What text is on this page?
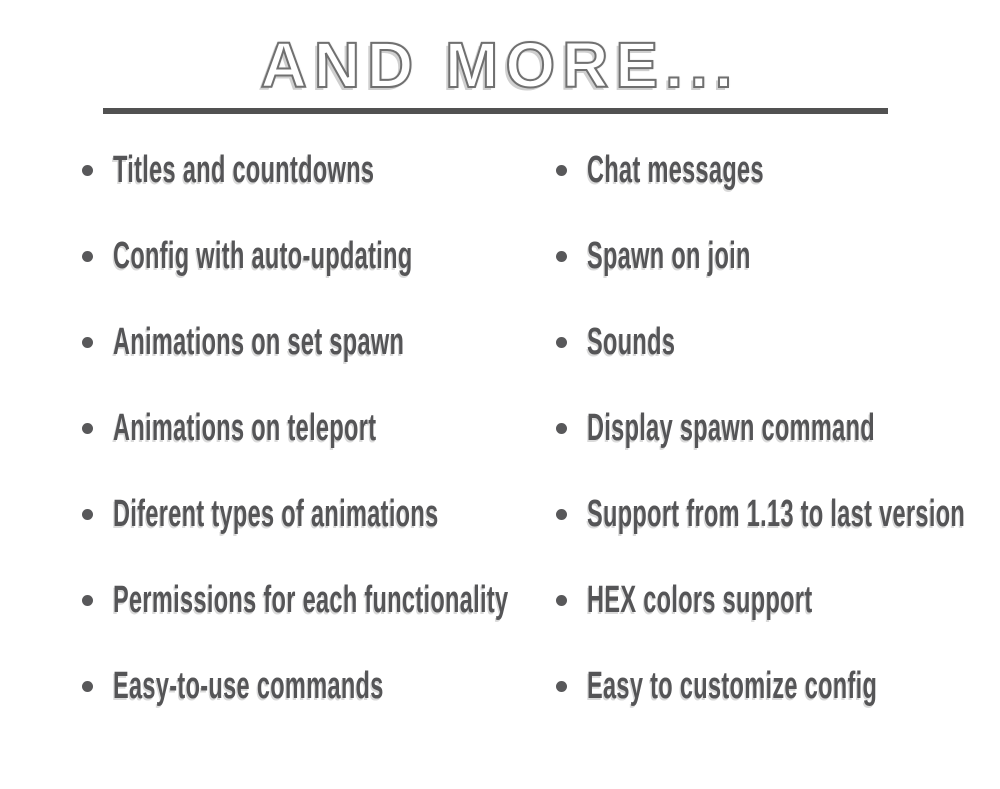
AND MORE...
Titles and countdowns
Config with auto-updating
Animations on set spawn
Animations on teleport
Diferent types of animations
Permissions for each functionality
Easy-to-use commands
Chat messages
Spawn on join
Sounds
Display spawn command
Support from 1.13 to last version
HEX colors support
Easy to customize config
